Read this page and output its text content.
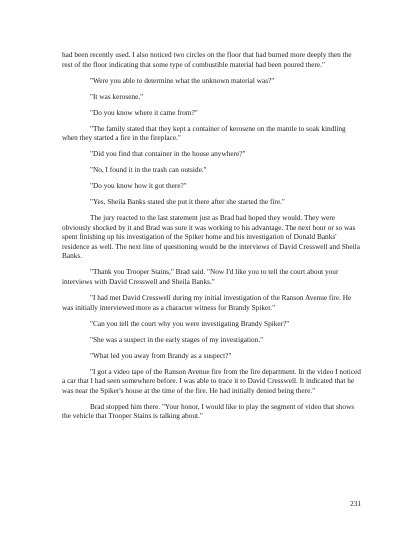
had been recently used. I also noticed two circles on the floor that had burned more deeply then the rest of the floor indicating that some type of combustible material had been poured there."

"Were you able to determine what the unknown material was?"

"It was kerosene."

"Do you know where it came from?"

"The family stated that they kept a container of kerosene on the mantle to soak kindling when they started a fire in the fireplace."

"Did you find that container in the house anywhere?"

"No, I found it in the trash can outside."

"Do you know how it got there?"

"Yes, Sheila Banks stated she put it there after she started the fire."

The jury reacted to the last statement just as Brad had hoped they would. They were obviously shocked by it and Brad was sure it was working to his advantage. The next hour or so was spent finishing up his investigation of the Spiker home and his investigation of Donald Banks' residence as well. The next line of questioning would be the interviews of David Cresswell and Sheila Banks.

"Thank you Trooper Stains," Brad said. "Now I'd like you to tell the court about your interviews with David Cresswell and Sheila Banks."

"I had met David Cresswell during my initial investigation of the Ranson Avenue fire. He was initially interviewed more as a character witness for Brandy Spiker."

"Can you tell the court why you were investigating Brandy Spiker?"

"She was a suspect in the early stages of my investigation."

"What led you away from Brandy as a suspect?"

"I got a video tape of the Ranson Avenue fire from the fire department. In the video I noticed a car that I had seen somewhere before. I was able to trace it to David Cresswell. It indicated that he was near the Spiker's house at the time of the fire. He had initially denied being there."

Brad stopped him there. "Your honor, I would like to play the segment of video that shows the vehicle that Trooper Stains is talking about."

231
